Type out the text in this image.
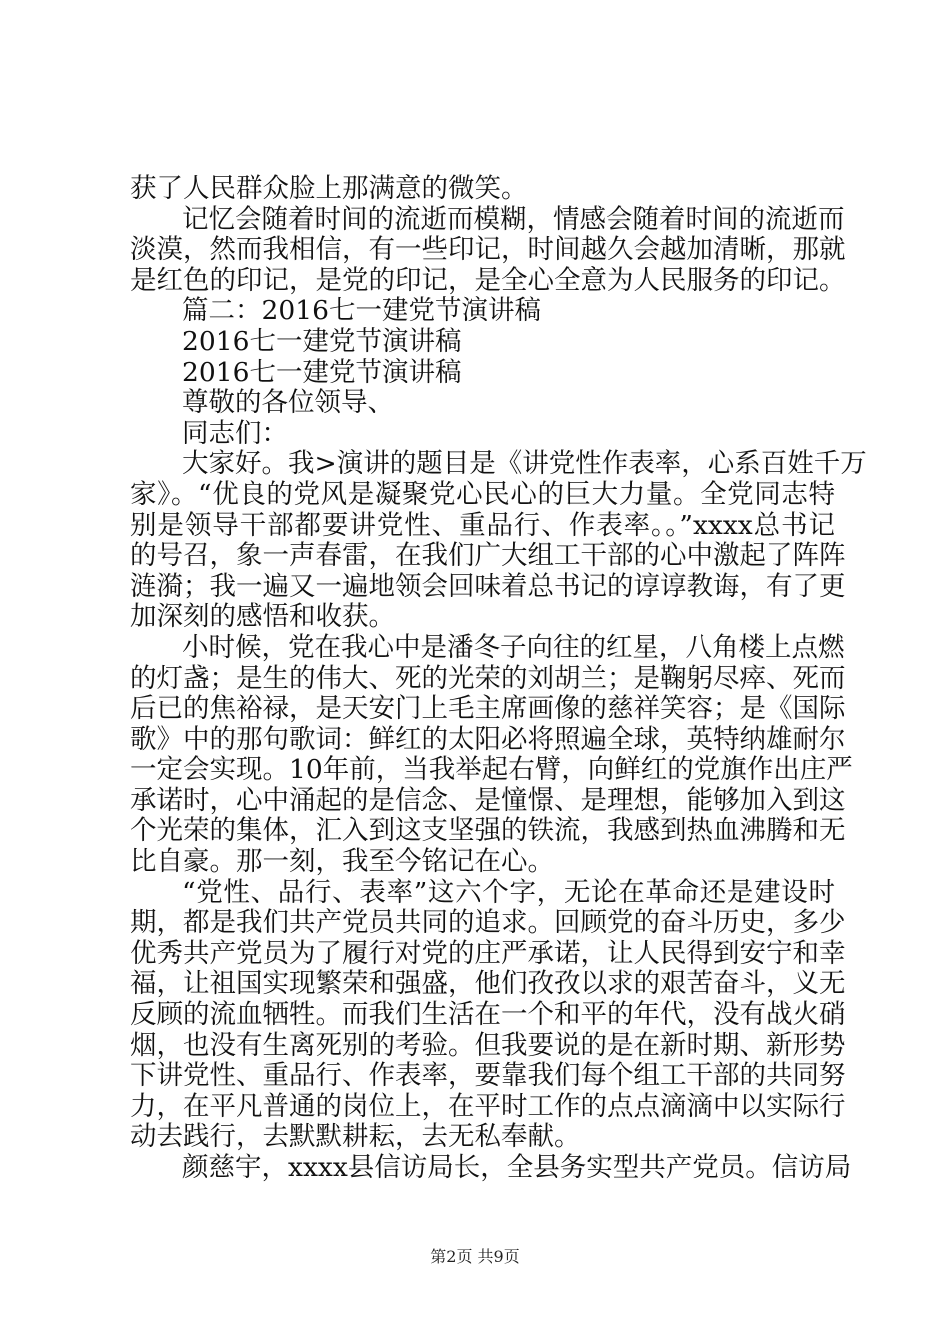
获了人民群众脸上那满意的微笑。
记忆会随着时间的流逝而模糊，情感会随着时间的流逝而
淡漠，然而我相信，有一些印记，时间越久会越加清晰，那就
是红色的印记，是党的印记，是全心全意为人民服务的印记。
篇二：2016七一建党节演讲稿
2016七一建党节演讲稿
2016七一建党节演讲稿
尊敬的各位领导、
同志们：
大家好。我>演讲的题目是《讲党性作表率，心系百姓千万
家》。“优良的党风是凝聚党心民心的巨大力量。全党同志特
别是领导干部都要讲党性、重品行、作表率。。”xxxx总书记
的号召，象一声春雷，在我们广大组工干部的心中激起了阵阵
涟漪；我一遍又一遍地领会回味着总书记的谆谆教诲，有了更
加深刻的感悟和收获。
小时候，党在我心中是潘冬子向往的红星，八角楼上点燃
的灯盏；是生的伟大、死的光荣的刘胡兰；是鞠躬尽瘁、死而
后已的焦裕禄，是天安门上毛主席画像的慈祥笑容；是《国际
歌》中的那句歌词：鲜红的太阳必将照遍全球，英特纳雄耐尔
一定会实现。10年前，当我举起右臂，向鲜红的党旗作出庄严
承诺时，心中涌起的是信念、是憧憬、是理想，能够加入到这
个光荣的集体，汇入到这支坚强的铁流，我感到热血沸腾和无
比自豪。那一刻，我至今铭记在心。
“党性、品行、表率”这六个字，无论在革命还是建设时
期，都是我们共产党员共同的追求。回顾党的奋斗历史，多少
优秀共产党员为了履行对党的庄严承诺，让人民得到安宁和幸
福，让祖国实现繁荣和强盛，他们孜孜以求的艰苦奋斗，义无
反顾的流血牺牲。而我们生活在一个和平的年代，没有战火硝
烟，也没有生离死别的考验。但我要说的是在新时期、新形势
下讲党性、重品行、作表率，要靠我们每个组工干部的共同努
力，在平凡普通的岗位上，在平时工作的点点滴滴中以实际行
动去践行，去默默耕耘，去无私奉献。
颜慈宇，xxxx县信访局长，全县务实型共产党员。信访局
第2页 共9页
